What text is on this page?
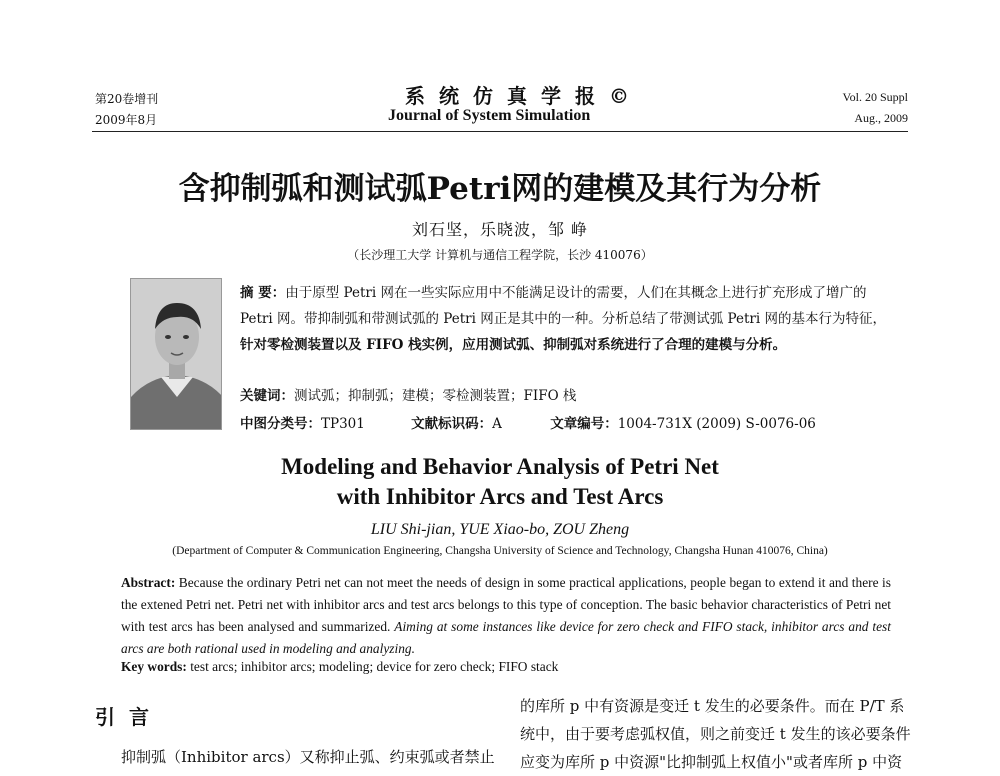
第20卷增刊
2009年8月
系统仿真学报©
Journal of System Simulation
Vol. 20 Suppl
Aug., 2009
含抑制弧和测试弧Petri网的建模及其行为分析
刘石坚，乐晓波，邹 峥
（长沙理工大学 计算机与通信工程学院，长沙 410076）
摘 要：由于原型 Petri 网在一些实际应用中不能满足设计的需要，人们在其概念上进行扩充形成了增广的 Petri 网。带抑制弧和带测试弧的 Petri 网正是其中的一种。分析总结了带测试弧 Petri 网的基本行为特征，针对零检测装置以及 FIFO 栈实例，应用测试弧、抑制弧对系统进行了合理的建模与分析。
关键词：测试弧；抑制弧；建模；零检测装置；FIFO 栈
中图分类号：TP301	文献标识码：A	文章编号：1004-731X (2009) S-0076-06
Modeling and Behavior Analysis of Petri Net
with Inhibitor Arcs and Test Arcs
LIU Shi-jian, YUE Xiao-bo, ZOU Zheng
(Department of Computer & Communication Engineering, Changsha University of Science and Technology, Changsha Hunan 410076, China)
Abstract: Because the ordinary Petri net can not meet the needs of design in some practical applications, people began to extend it and there is the extened Petri net. Petri net with inhibitor arcs and test arcs belongs to this type of conception. The basic behavior characteristics of Petri net with test arcs has been analysed and summarized. Aiming at some instances like device for zero check and FIFO stack, inhibitor arcs and test arcs are both rational used in modeling and analyzing.
Key words: test arcs; inhibitor arcs; modeling; device for zero check; FIFO stack
引言
抑制弧（Inhibitor arcs）又称抑止弧、约束弧或者禁止
的库所 p 中有资源是变迁 t 发生的必要条件。而在 P/T 系
统中，由于要考虑弧权值，则之前变迁 t 发生的该必要条件
应变为库所 p 中资源"比抑制弧上权值小"或者库所 p 中资
